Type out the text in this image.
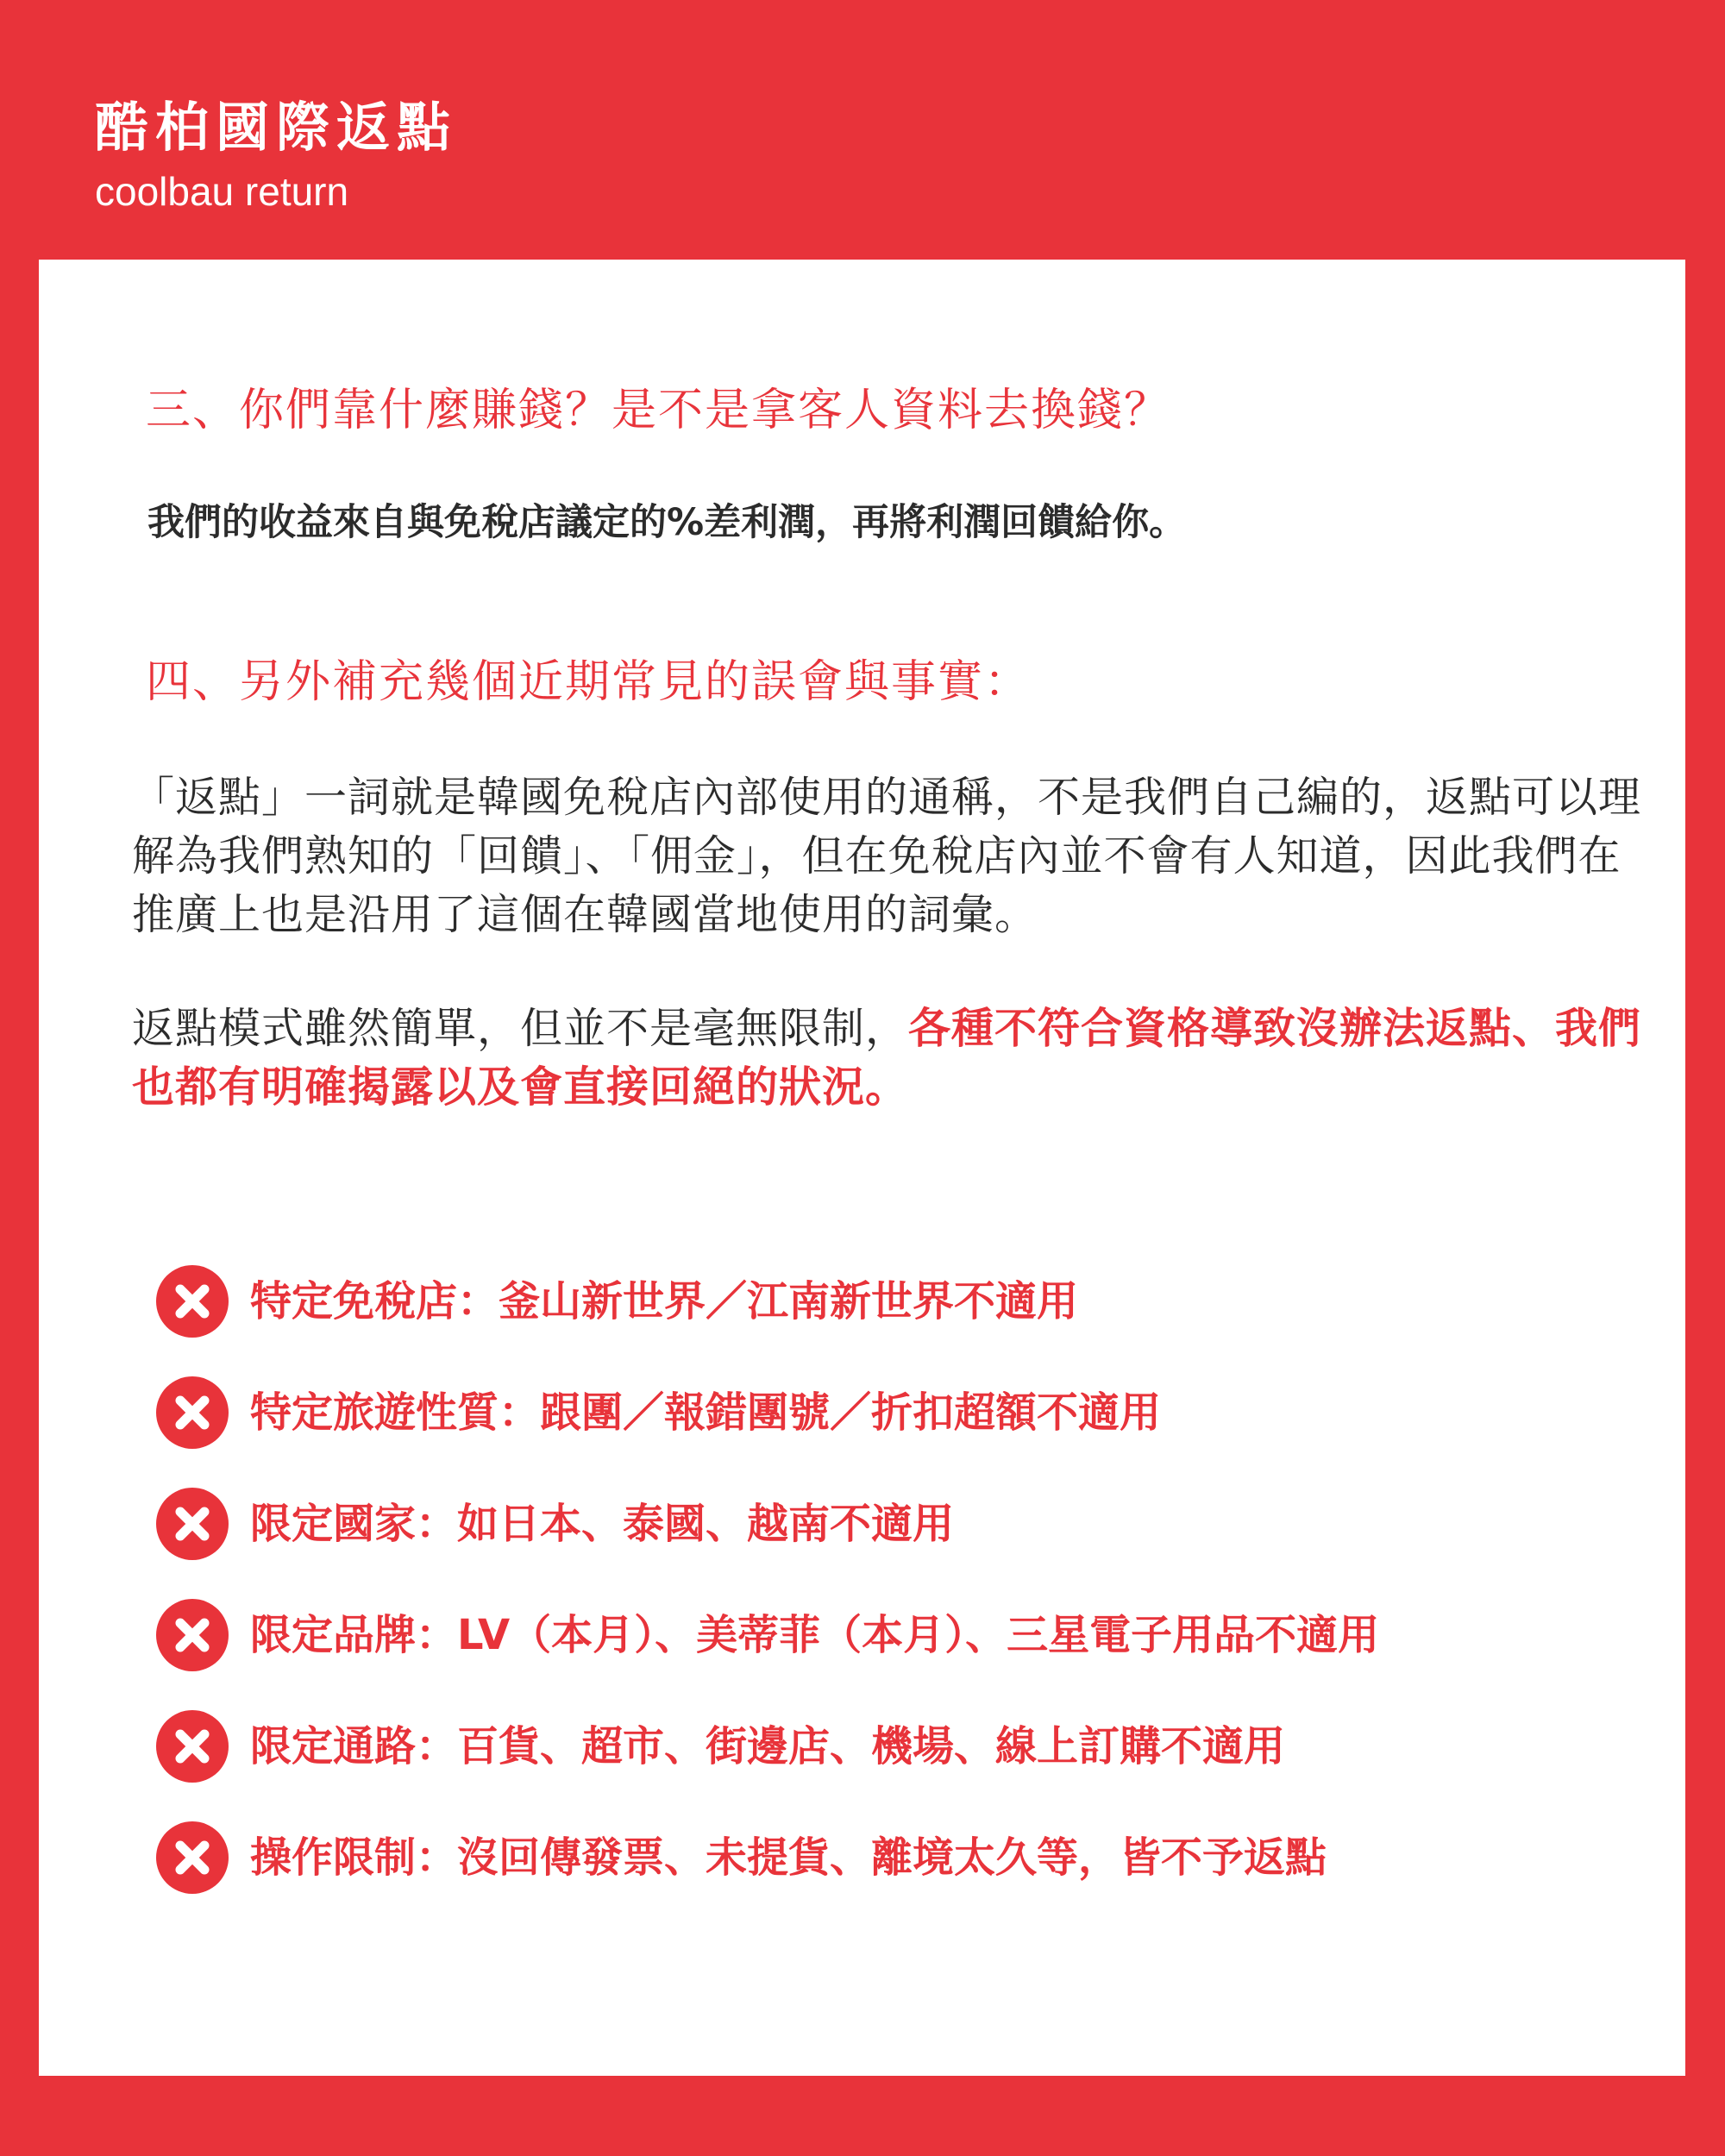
酷柏國際返點
coolbau return
三、你們靠什麼賺錢？是不是拿客人資料去換錢？
我們的收益來自與免稅店議定的%差利潤，再將利潤回饋給你。
四、另外補充幾個近期常見的誤會與事實：
「返點」一詞就是韓國免稅店內部使用的通稱，不是我們自己編的，返點可以理解為我們熟知的「回饋」、「佣金」，但在免稅店內並不會有人知道，因此我們在推廣上也是沿用了這個在韓國當地使用的詞彙。
返點模式雖然簡單，但並不是毫無限制，各種不符合資格導致沒辦法返點、我們也都有明確揭露以及會直接回絕的狀況。
特定免稅店：釜山新世界／江南新世界不適用
特定旅遊性質：跟團／報錯團號／折扣超額不適用
限定國家：如日本、泰國、越南不適用
限定品牌：LV（本月）、美蒂菲（本月）、三星電子用品不適用
限定通路：百貨、超市、街邊店、機場、線上訂購不適用
操作限制：沒回傳發票、未提貨、離境太久等，皆不予返點
